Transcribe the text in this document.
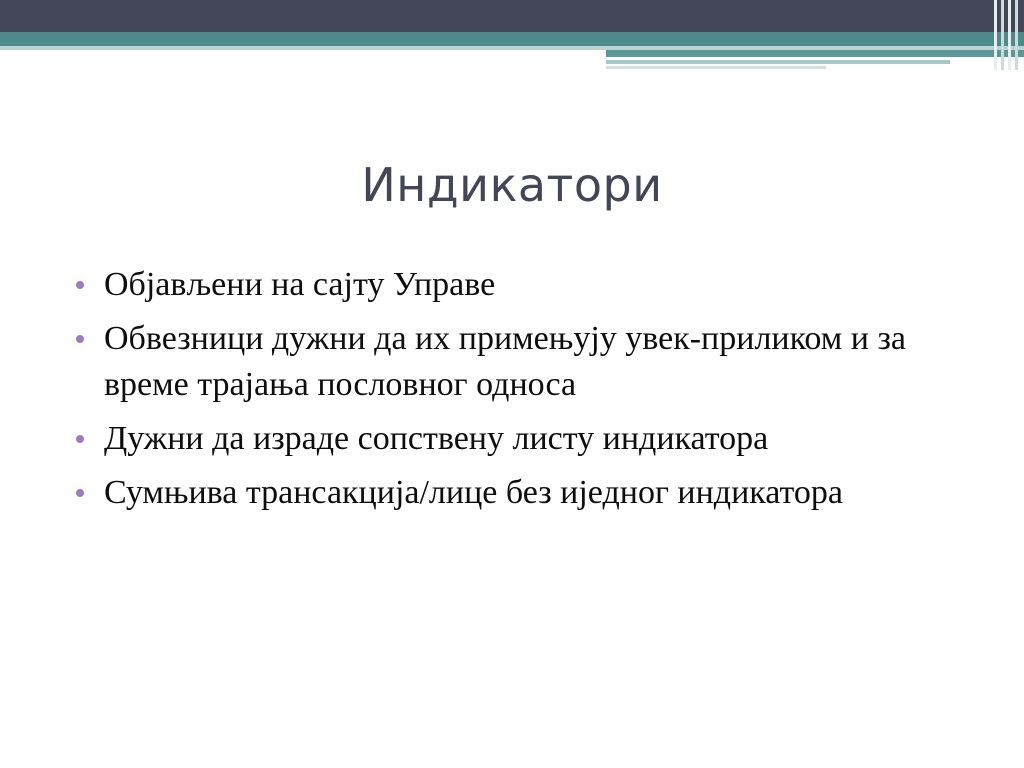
Индикатори
Објављени на сајту Управе
Обвезници дужни да их примењују увек-приликом и за време трајања пословног односа
Дужни да израде сопствену листу индикатора
Сумњива трансакција/лице без иједног индикатора
